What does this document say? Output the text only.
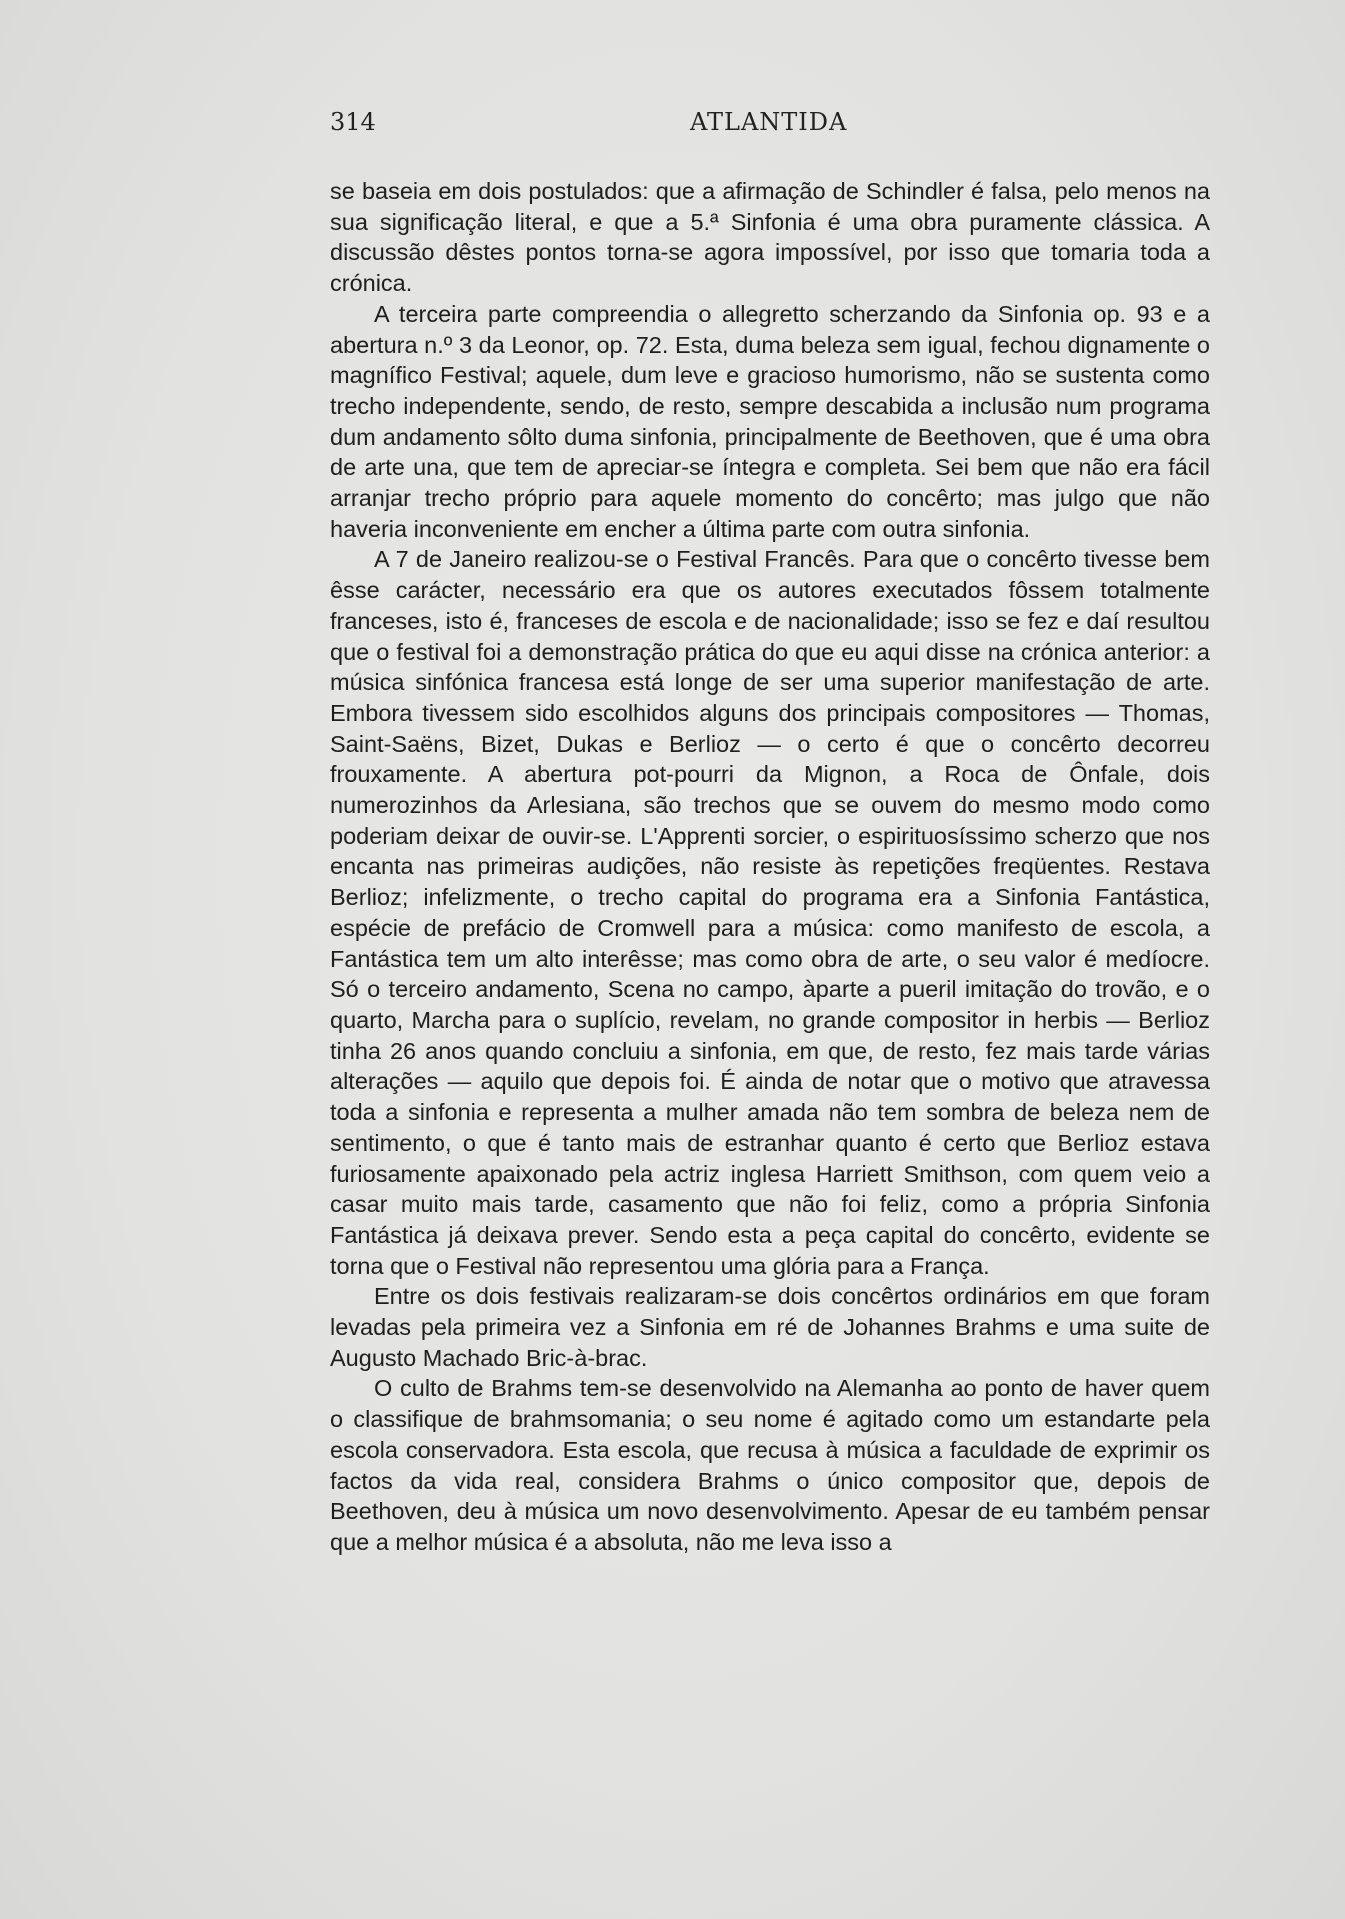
314	ATLANTIDA

se baseia em dois postulados: que a afirmação de Schindler é falsa, pelo menos na sua significação literal, e que a 5.ª Sinfonia é uma obra puramente clássica. A discussão dêstes pontos torna-se agora impossível, por isso que tomaria toda a crónica.

A terceira parte compreendia o allegretto scherzando da Sinfonia op. 93 e a abertura n.º 3 da Leonor, op. 72. Esta, duma beleza sem igual, fechou dignamente o magnífico Festival; aquele, dum leve e gracioso humorismo, não se sustenta como trecho independente, sendo, de resto, sempre descabida a inclusão num programa dum andamento sôlto duma sinfonia, principalmente de Beethoven, que é uma obra de arte una, que tem de apreciar-se íntegra e completa. Sei bem que não era fácil arranjar trecho próprio para aquele momento do concêrto; mas julgo que não haveria inconveniente em encher a última parte com outra sinfonia.

A 7 de Janeiro realizou-se o Festival Francês. Para que o concêrto tivesse bem êsse carácter, necessário era que os autores executados fôssem totalmente franceses, isto é, franceses de escola e de nacionalidade; isso se fez e daí resultou que o festival foi a demonstração prática do que eu aqui disse na crónica anterior: a música sinfónica francesa está longe de ser uma superior manifestação de arte. Embora tivessem sido escolhidos alguns dos principais compositores — Thomas, Saint-Saëns, Bizet, Dukas e Berlioz — o certo é que o concêrto decorreu frouxamente. A abertura pot-pourri da Mignon, a Roca de Ônfale, dois numerozinhos da Arlesiana, são trechos que se ouvem do mesmo modo como poderiam deixar de ouvir-se. L'Apprenti sorcier, o espirituosíssimo scherzo que nos encanta nas primeiras audições, não resiste às repetições freqüentes. Restava Berlioz; infelizmente, o trecho capital do programa era a Sinfonia Fantástica, espécie de prefácio de Cromwell para a música: como manifesto de escola, a Fantástica tem um alto interêsse; mas como obra de arte, o seu valor é medíocre. Só o terceiro andamento, Scena no campo, àparte a pueril imitação do trovão, e o quarto, Marcha para o suplício, revelam, no grande compositor in herbis — Berlioz tinha 26 anos quando concluiu a sinfonia, em que, de resto, fez mais tarde várias alterações — aquilo que depois foi. É ainda de notar que o motivo que atravessa toda a sinfonia e representa a mulher amada não tem sombra de beleza nem de sentimento, o que é tanto mais de estranhar quanto é certo que Berlioz estava furiosamente apaixonado pela actriz inglesa Harriett Smithson, com quem veio a casar muito mais tarde, casamento que não foi feliz, como a própria Sinfonia Fantástica já deixava prever. Sendo esta a peça capital do concêrto, evidente se torna que o Festival não representou uma glória para a França.

Entre os dois festivais realizaram-se dois concêrtos ordinários em que foram levadas pela primeira vez a Sinfonia em ré de Johannes Brahms e uma suite de Augusto Machado Bric-à-brac.

O culto de Brahms tem-se desenvolvido na Alemanha ao ponto de haver quem o classifique de brahmsomania; o seu nome é agitado como um estandarte pela escola conservadora. Esta escola, que recusa à música a faculdade de exprimir os factos da vida real, considera Brahms o único compositor que, depois de Beethoven, deu à música um novo desenvolvimento. Apesar de eu também pensar que a melhor música é a absoluta, não me leva isso a
